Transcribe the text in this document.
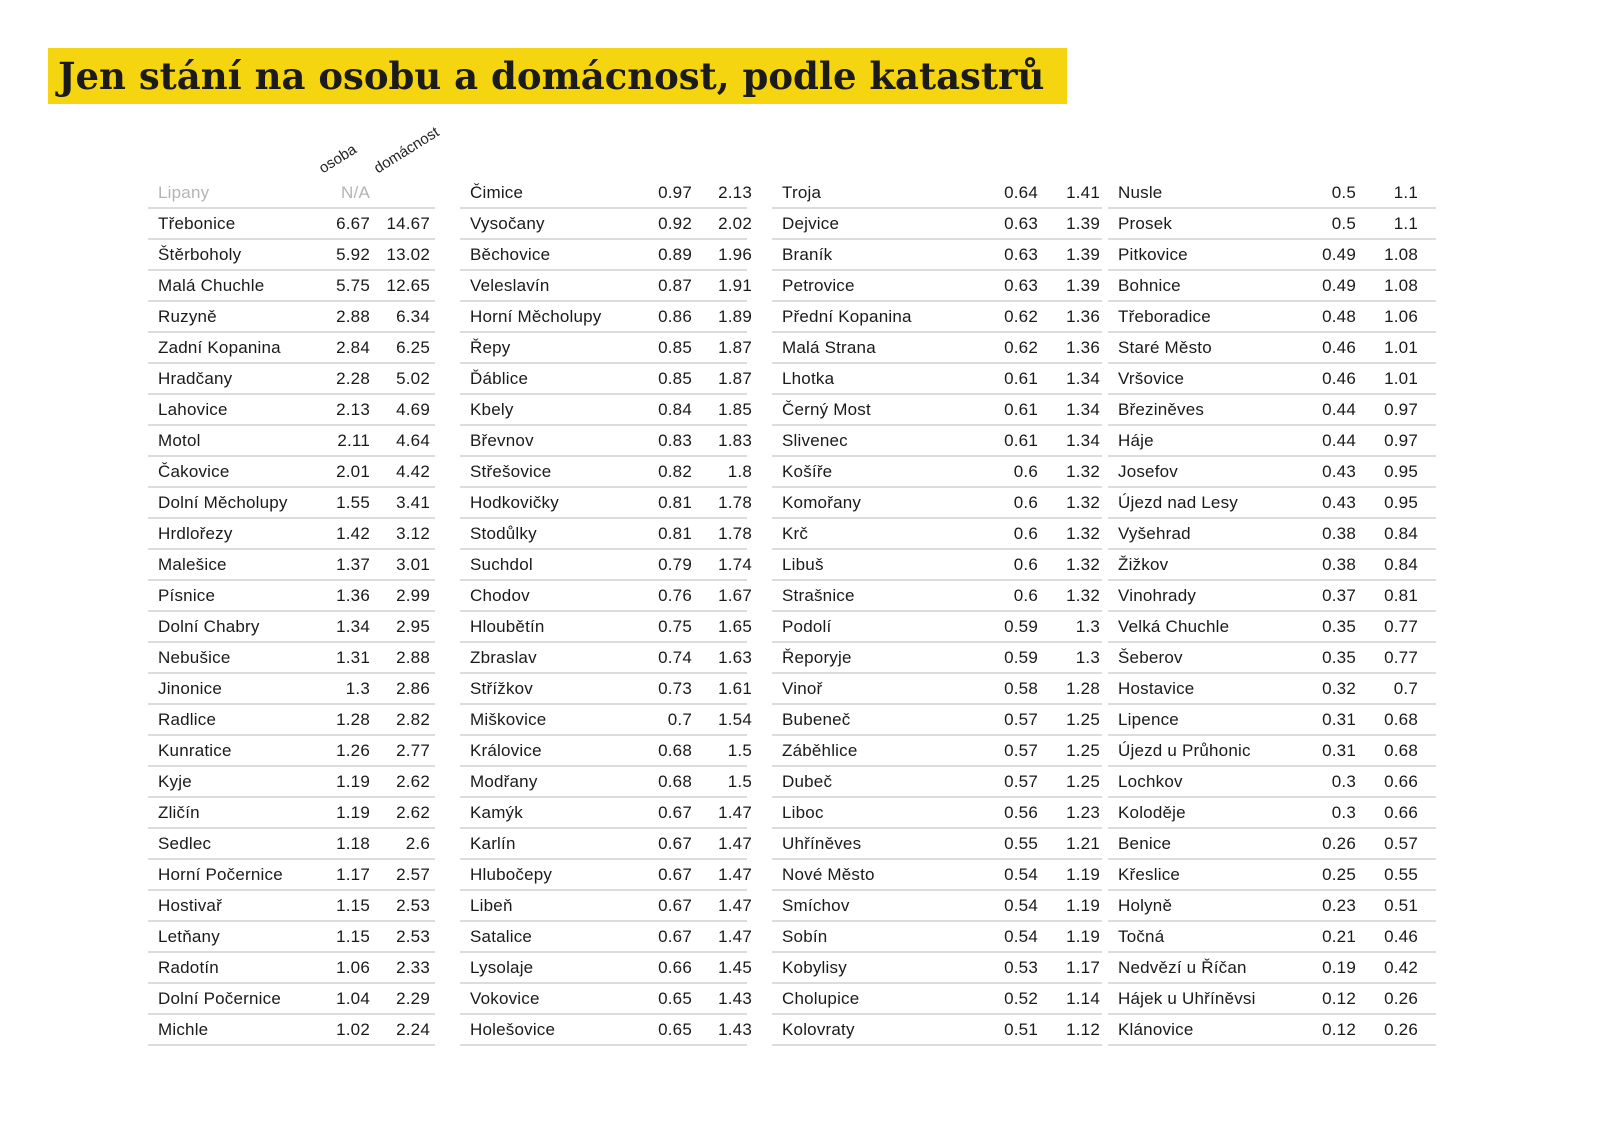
Jen stání na osobu a domácnost, podle katastrů
osoba domácnost
Lipany	N/A
Třebonice	6.67 14.67
Štěrboholy	5.92 13.02
Malá Chuchle	5.75 12.65
Ruzyně	2.88 6.34
Zadní Kopanina	2.84 6.25
Hradčany	2.28 5.02
Lahovice	2.13 4.69
Motol	2.11 4.64
Čakovice	2.01 4.42
Dolní Měcholupy	1.55 3.41
Hrdlořezy	1.42 3.12
Malešice	1.37 3.01
Písnice	1.36 2.99
Dolní Chabry	1.34 2.95
Nebušice	1.31 2.88
Jinonice	1.3 2.86
Radlice	1.28 2.82
Kunratice	1.26 2.77
Kyje	1.19 2.62
Zličín	1.19 2.62
Sedlec	1.18 2.6
Horní Počernice	1.17 2.57
Hostivař	1.15 2.53
Letňany	1.15 2.53
Radotín	1.06 2.33
Dolní Počernice	1.04 2.29
Michle	1.02 2.24
Čimice	0.97 2.13
Vysočany	0.92 2.02
Běchovice	0.89 1.96
Veleslavín	0.87 1.91
Horní Měcholupy	0.86 1.89
Řepy	0.85 1.87
Ďáblice	0.85 1.87
Kbely	0.84 1.85
Břevnov	0.83 1.83
Střešovice	0.82 1.8
Hodkovičky	0.81 1.78
Stodůlky	0.81 1.78
Suchdol	0.79 1.74
Chodov	0.76 1.67
Hloubětín	0.75 1.65
Zbraslav	0.74 1.63
Střížkov	0.73 1.61
Miškovice	0.7 1.54
Královice	0.68 1.5
Modřany	0.68 1.5
Kamýk	0.67 1.47
Karlín	0.67 1.47
Hlubočepy	0.67 1.47
Libeň	0.67 1.47
Satalice	0.67 1.47
Lysolaje	0.66 1.45
Vokovice	0.65 1.43
Holešovice	0.65 1.43
Troja	0.64 1.41
Dejvice	0.63 1.39
Braník	0.63 1.39
Petrovice	0.63 1.39
Přední Kopanina	0.62 1.36
Malá Strana	0.62 1.36
Lhotka	0.61 1.34
Černý Most	0.61 1.34
Slivenec	0.61 1.34
Košíře	0.6 1.32
Komořany	0.6 1.32
Krč	0.6 1.32
Libuš	0.6 1.32
Strašnice	0.6 1.32
Podolí	0.59 1.3
Řeporyje	0.59 1.3
Vinoř	0.58 1.28
Bubeneč	0.57 1.25
Záběhlice	0.57 1.25
Dubeč	0.57 1.25
Liboc	0.56 1.23
Uhříněves	0.55 1.21
Nové Město	0.54 1.19
Smíchov	0.54 1.19
Sobín	0.54 1.19
Kobylisy	0.53 1.17
Cholupice	0.52 1.14
Kolovraty	0.51 1.12
Nusle	0.5 1.1
Prosek	0.5 1.1
Pitkovice	0.49 1.08
Bohnice	0.49 1.08
Třeboradice	0.48 1.06
Staré Město	0.46 1.01
Vršovice	0.46 1.01
Březiněves	0.44 0.97
Háje	0.44 0.97
Josefov	0.43 0.95
Újezd nad Lesy	0.43 0.95
Vyšehrad	0.38 0.84
Žižkov	0.38 0.84
Vinohrady	0.37 0.81
Velká Chuchle	0.35 0.77
Šeberov	0.35 0.77
Hostavice	0.32 0.7
Lipence	0.31 0.68
Újezd u Průhonic	0.31 0.68
Lochkov	0.3 0.66
Koloděje	0.3 0.66
Benice	0.26 0.57
Křeslice	0.25 0.55
Holyně	0.23 0.51
Točná	0.21 0.46
Nedvězí u Říčan	0.19 0.42
Hájek u Uhříněvsi	0.12 0.26
Klánovice	0.12 0.26
